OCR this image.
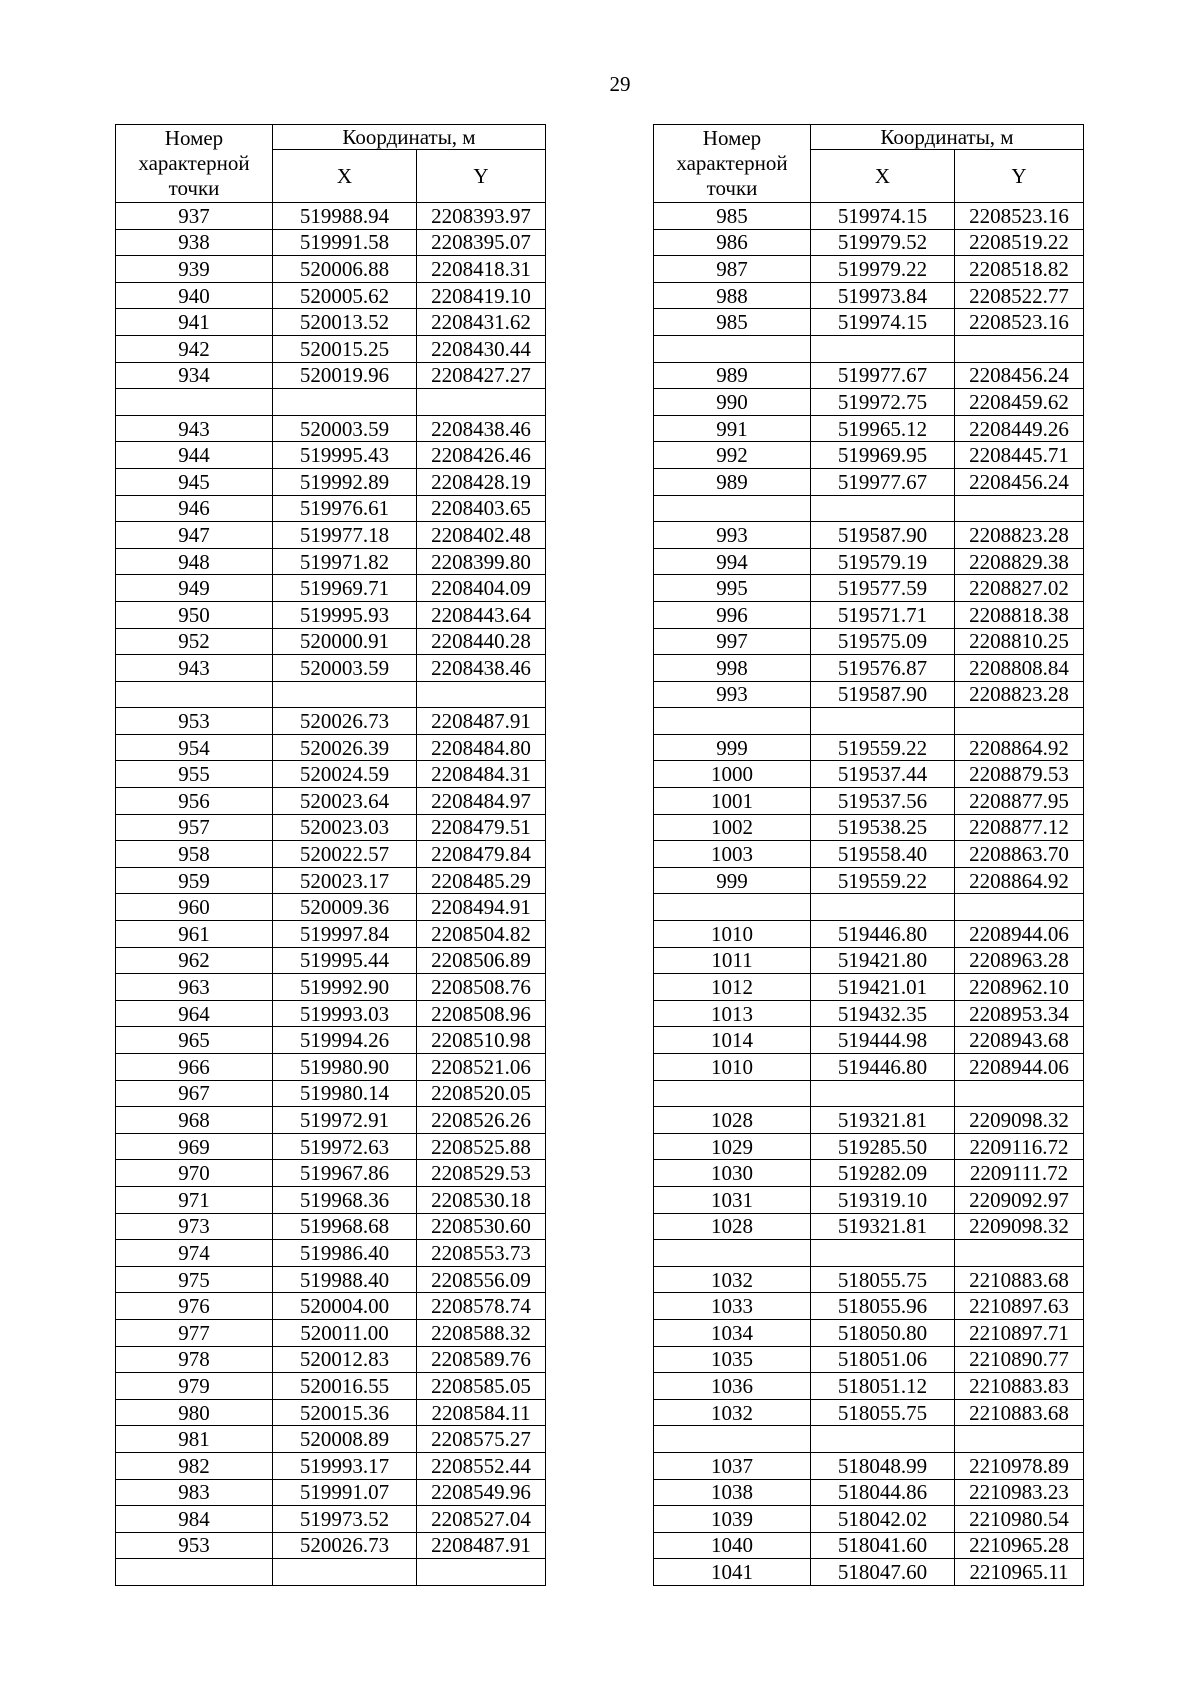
29
Номер
характерной
точки	Координаты, м	
	X	Y
937	519988.94	2208393.97
938	519991.58	2208395.07
939	520006.88	2208418.31
940	520005.62	2208419.10
941	520013.52	2208431.62
942	520015.25	2208430.44
934	520019.96	2208427.27

943	520003.59	2208438.46
944	519995.43	2208426.46
945	519992.89	2208428.19
946	519976.61	2208403.65
947	519977.18	2208402.48
948	519971.82	2208399.80
949	519969.71	2208404.09
950	519995.93	2208443.64
952	520000.91	2208440.28
943	520003.59	2208438.46

953	520026.73	2208487.91
954	520026.39	2208484.80
955	520024.59	2208484.31
956	520023.64	2208484.97
957	520023.03	2208479.51
958	520022.57	2208479.84
959	520023.17	2208485.29
960	520009.36	2208494.91
961	519997.84	2208504.82
962	519995.44	2208506.89
963	519992.90	2208508.76
964	519993.03	2208508.96
965	519994.26	2208510.98
966	519980.90	2208521.06
967	519980.14	2208520.05
968	519972.91	2208526.26
969	519972.63	2208525.88
970	519967.86	2208529.53
971	519968.36	2208530.18
973	519968.68	2208530.60
974	519986.40	2208553.73
975	519988.40	2208556.09
976	520004.00	2208578.74
977	520011.00	2208588.32
978	520012.83	2208589.76
979	520016.55	2208585.05
980	520015.36	2208584.11
981	520008.89	2208575.27
982	519993.17	2208552.44
983	519991.07	2208549.96
984	519973.52	2208527.04
953	520026.73	2208487.91

Номер
характерной
точки	Координаты, м	
	X	Y
985	519974.15	2208523.16
986	519979.52	2208519.22
987	519979.22	2208518.82
988	519973.84	2208522.77
985	519974.15	2208523.16

989	519977.67	2208456.24
990	519972.75	2208459.62
991	519965.12	2208449.26
992	519969.95	2208445.71
989	519977.67	2208456.24

993	519587.90	2208823.28
994	519579.19	2208829.38
995	519577.59	2208827.02
996	519571.71	2208818.38
997	519575.09	2208810.25
998	519576.87	2208808.84
993	519587.90	2208823.28

999	519559.22	2208864.92
1000	519537.44	2208879.53
1001	519537.56	2208877.95
1002	519538.25	2208877.12
1003	519558.40	2208863.70
999	519559.22	2208864.92

1010	519446.80	2208944.06
1011	519421.80	2208963.28
1012	519421.01	2208962.10
1013	519432.35	2208953.34
1014	519444.98	2208943.68
1010	519446.80	2208944.06

1028	519321.81	2209098.32
1029	519285.50	2209116.72
1030	519282.09	2209111.72
1031	519319.10	2209092.97
1028	519321.81	2209098.32

1032	518055.75	2210883.68
1033	518055.96	2210897.63
1034	518050.80	2210897.71
1035	518051.06	2210890.77
1036	518051.12	2210883.83
1032	518055.75	2210883.68

1037	518048.99	2210978.89
1038	518044.86	2210983.23
1039	518042.02	2210980.54
1040	518041.60	2210965.28
1041	518047.60	2210965.11
